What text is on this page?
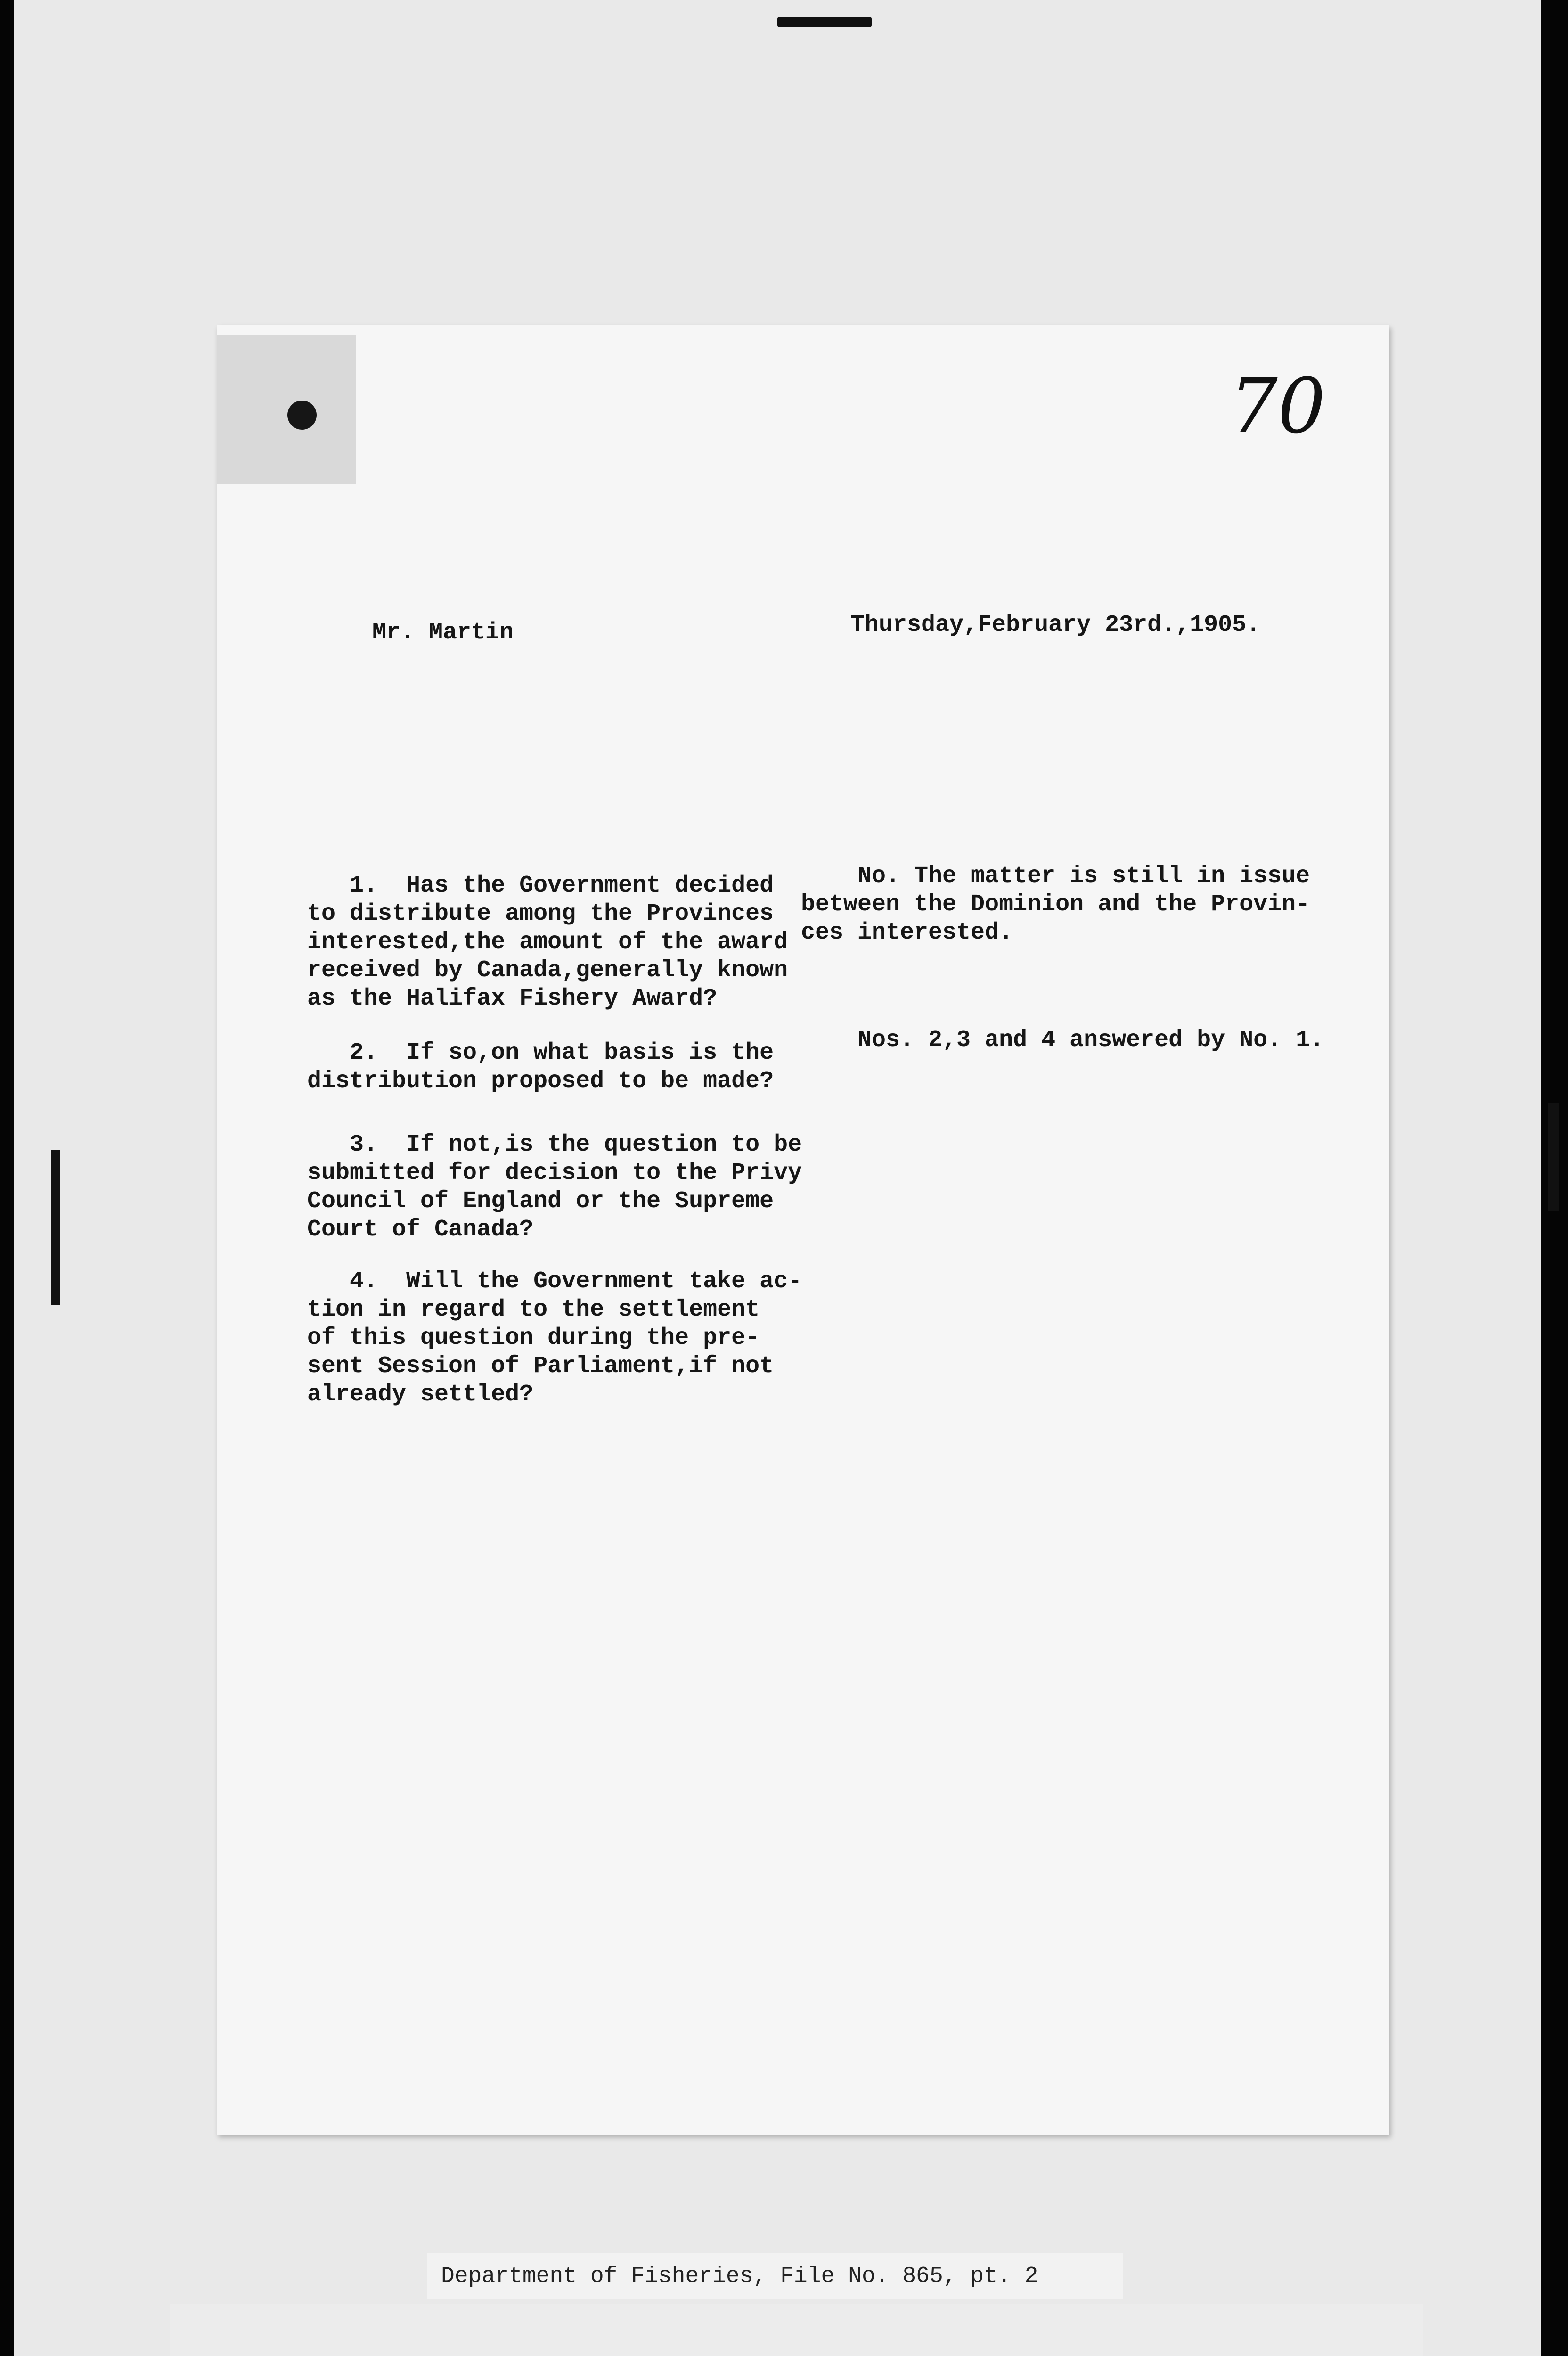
70

Mr. Martin	Thursday,February 23rd.,1905.

1.  Has the Government decided
to distribute among the Provinces
interested,the amount of the award
received by Canada,generally known
as the Halifax Fishery Award?

2.  If so,on what basis is the
distribution proposed to be made?

3.  If not,is the question to be
submitted for decision to the Privy
Council of England or the Supreme
Court of Canada?

4.  Will the Government take ac-
tion in regard to the settlement
of this question during the pre-
sent Session of Parliament,if not
already settled?

No. The matter is still in issue
between the Dominion and the Provin-
ces interested.

Nos. 2,3 and 4 answered by No. 1.

Department of Fisheries, File No. 865, pt. 2
